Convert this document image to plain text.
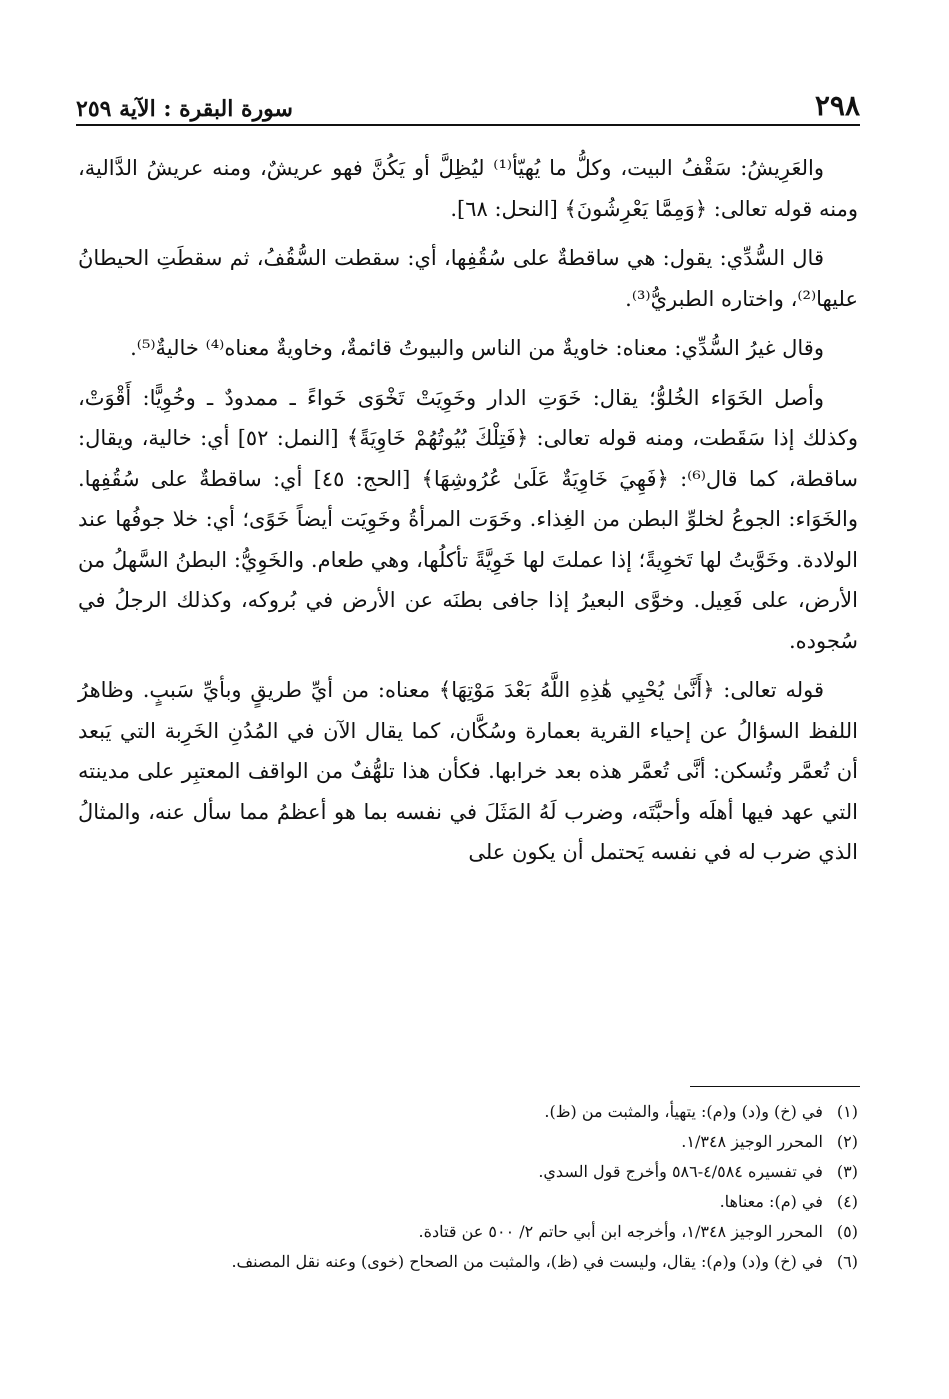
٢٩٨
سورة البقرة : الآية ٢٥٩

والعَرِيشُ: سَقْفُ البيت، وكلُّ ما يُهيّأ⁽¹⁾ ليُظِلَّ أو يَكُنَّ فهو عريشٌ، ومنه عريشُ الدَّالية، ومنه قوله تعالى: ﴿وَمِمَّا يَعْرِشُونَ﴾ [النحل: ٦٨].

قال السُّدِّي: يقول: هي ساقطةٌ على سُقُفِها، أي: سقطت السُّقُفُ، ثم سقطَتِ الحيطانُ عليها⁽²⁾، واختاره الطبريُّ⁽³⁾.

وقال غيرُ السُّدِّي: معناه: خاويةٌ من الناس والبيوتُ قائمةٌ، وخاويةٌ معناه⁽⁴⁾ خاليةٌ⁽⁵⁾.

وأصل الخَوَاء الخُلوُّ؛ يقال: خَوَتِ الدار وخَوِيَتْ تَخْوَى خَواءً ـ ممدودٌ ـ وخُوِيًّا: أَقْوَتْ، وكذلك إذا سَقَطت، ومنه قوله تعالى: ﴿فَتِلْكَ بُيُوتُهُمْ خَاوِيَةً﴾ [النمل: ٥٢] أي: خالية، ويقال: ساقطة، كما قال⁽⁶⁾: ﴿فَهِيَ خَاوِيَةٌ عَلَىٰ عُرُوشِهَا﴾ [الحج: ٤٥] أي: ساقطةٌ على سُقُفِها. والخَوَاء: الجوعُ لخلوِّ البطن من الغِذاء. وخَوَت المرأةُ وخَوِيَت أيضاً خَوًى؛ أي: خلا جوفُها عند الولادة. وخَوَّيتُ لها تَخوِيةً؛ إذا عملتَ لها خَوِيَّةً تأكلُها، وهي طعام. والخَوِيُّ: البطنُ السَّهلُ من الأرض، على فَعِيل. وخوَّى البعيرُ إذا جافى بطنَه عن الأرض في بُروكه، وكذلك الرجلُ في سُجوده.

قوله تعالى: ﴿أَنَّىٰ يُحْيِي هَٰذِهِ اللَّهُ بَعْدَ مَوْتِهَا﴾ معناه: من أيِّ طريقٍ وبأيِّ سَببٍ. وظاهرُ اللفظ السؤالُ عن إحياء القرية بعمارة وسُكَّان، كما يقال الآن في المُدُنِ الخَرِبة التي يَبعد أن تُعمَّر وتُسكن: أنَّى تُعمَّر هذه بعد خرابها. فكأن هذا تلهُّفٌ من الواقف المعتبِر على مدينته التي عهد فيها أهلَه وأحبَّتَه، وضرب لَهُ المَثَلَ في نفسه بما هو أعظمُ مما سأل عنه، والمثالُ الذي ضرب له في نفسه يَحتمل أن يكون على

(١)
في (خ) و(د) و(م): يتهيأ، والمثبت من (ظ).
(٢)
المحرر الوجيز ١/٣٤٨.
(٣)
في تفسيره ٤/٥٨٤-٥٨٦ وأخرج قول السدي.
(٤)
في (م): معناها.
(٥)
المحرر الوجيز ١/٣٤٨، وأخرجه ابن أبي حاتم ٢/ ٥٠٠ عن قتادة.
(٦)
في (خ) و(د) و(م): يقال، وليست في (ظ)، والمثبت من الصحاح (خوى) وعنه نقل المصنف.
